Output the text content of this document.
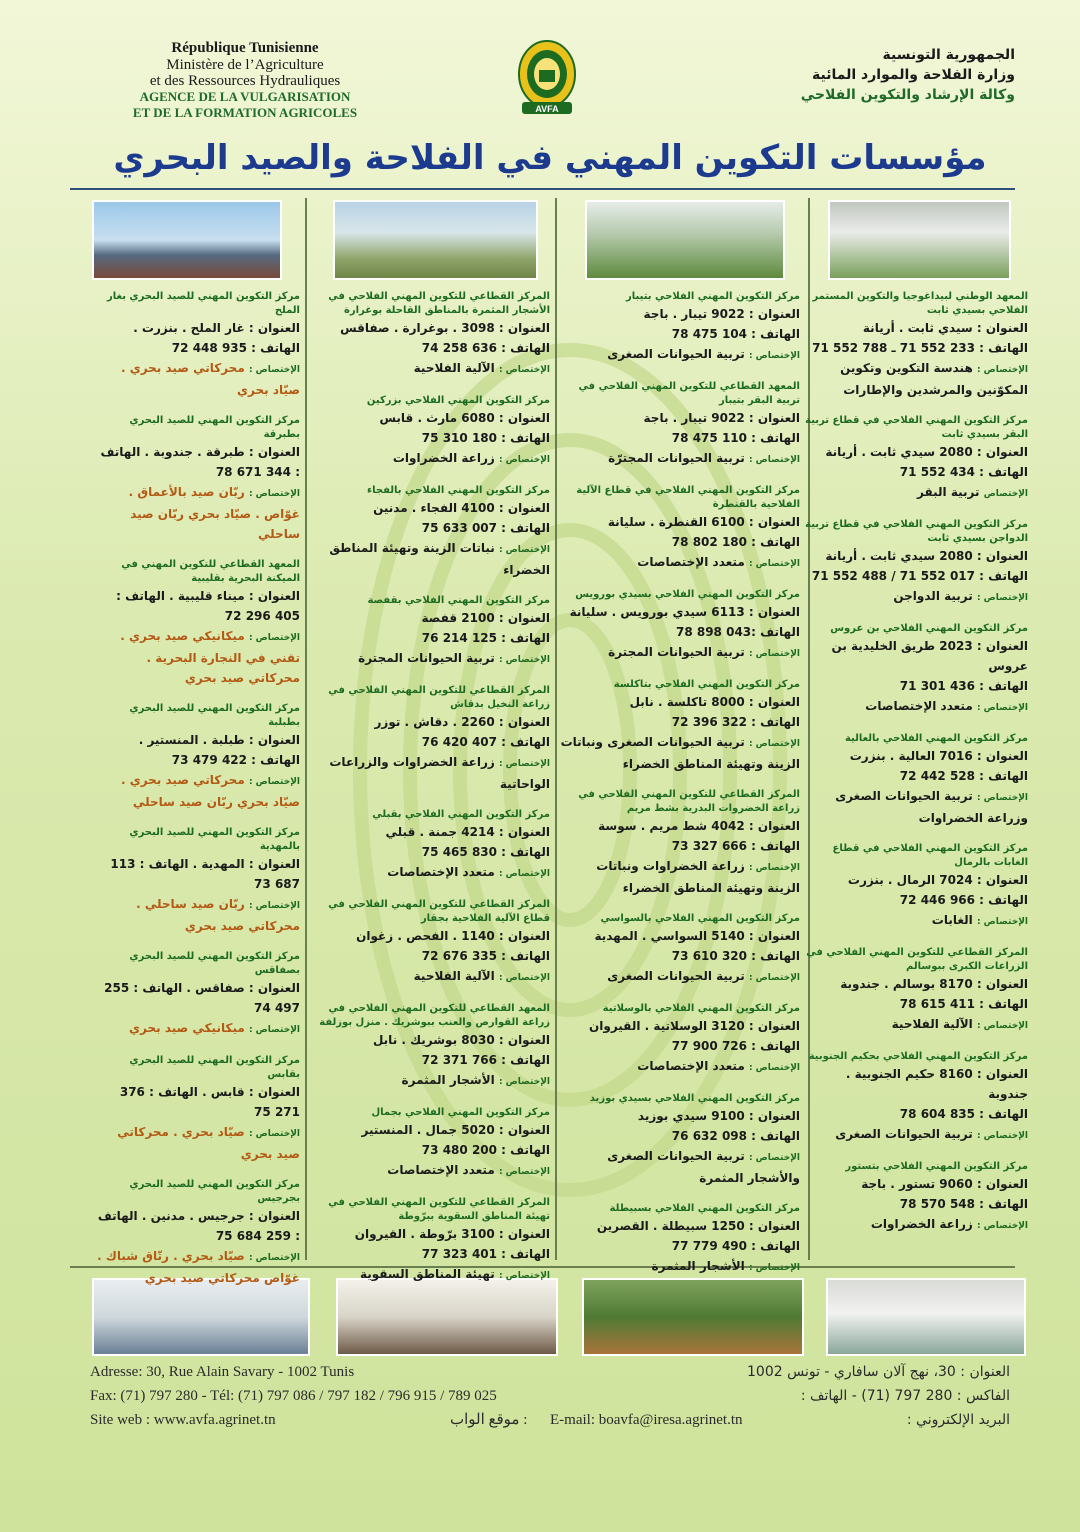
République Tunisienne
Ministère de l’Agriculture
et des Ressources Hydrauliques
AGENCE DE LA VULGARISATION
ET DE LA FORMATION AGRICOLES	AVFA
الجمهورية التونسية
وزارة الفلاحة والموارد المائية
وكالة الإرشاد والتكوين الفلاحي
مؤسسات التكوين المهني في الفلاحة والصيد البحري
المعهد الوطني لبيداغوجيا والتكوين المستمر الفلاحي بسيدي ثابت
العنوان : سيدي ثابت . أريانة
الهاتف : 233 552 71 ـ 788 552 71
الإختصاص : هندسة التكوين وتكوين المكوّنين والمرشدين والإطارات
مركز التكوين المهني الفلاحي في قطاع تربية البقر بسيدي ثابت
العنوان : 2080 سيدي ثابت . أريانة
الهاتف : 434 552 71
الإختصاص تربية البقر
مركز التكوين المهني الفلاحي في قطاع تربية الدواجن بسيدي ثابت
العنوان : 2080 سيدي ثابت . أريانة
الهاتف : 017 552 71 / 488 552 71
الإختصاص : تربية الدواجن
مركز التكوين المهني الفلاحي بن عروس
العنوان : 2023 طريق الخليدية بن عروس
الهاتف : 436 301 71
الإختصاص : متعدد الإختصاصات
مركز التكوين المهني الفلاحي بالعالية
العنوان : 7016 العالية . بنزرت
الهاتف : 528 442 72
الإختصاص : تربية الحيوانات الصغرى وزراعة الخضراوات
مركز التكوين المهني الفلاحي في قطاع الغابات بالرمال
العنوان : 7024 الرمال . بنزرت
الهاتف : 966 446 72
الإختصاص : الغابات
المركز القطاعي للتكوين المهني الفلاحي في الزراعات الكبرى ببوسالم
العنوان : 8170 بوسالم . جندوبة
الهاتف : 411 615 78
الإختصاص : الآلية الفلاحية
مركز التكوين المهني الفلاحي بحكيم الجنوبية
العنوان : 8160 حكيم الجنوبية . جندوبة
الهاتف : 835 604 78
الإختصاص : تربية الحيوانات الصغرى
مركز التكوين المهني الفلاحي بتستور
العنوان : 9060 تستور . باجة
الهاتف : 548 570 78
الإختصاص : زراعة الخضراوات
مركز التكوين المهني الفلاحي بتيبار
العنوان : 9022 تيبار . باجة
الهاتف : 104 475 78
الإختصاص : تربية الحيوانات الصغرى
المعهد القطاعي للتكوين المهني الفلاحي في تربية البقر بتيبار
العنوان : 9022 تيبار . باجة
الهاتف : 110 475 78
الإختصاص : تربية الحيوانات المجترّة
مركز التكوين المهني الفلاحي في قطاع الآلية الفلاحية بالقنطرة
العنوان : 6100 القنطرة . سليانة
الهاتف : 180 802 78
الإختصاص : متعدد الإختصاصات
مركز التكوين المهني الفلاحي بسيدي بورويس
العنوان : 6113 سيدي بورويس . سليانة
الهاتف :043 898 78
الإختصاص : تربية الحيوانات المجترة
مركز التكوين المهني الفلاحي بتاكلسة
العنوان : 8000 تاكلسة . نابل
الهاتف : 322 396 72
الإختصاص : تربية الحيوانات الصغرى ونباتات الزينة وتهيئة المناطق الخضراء
المركز القطاعي للتكوين المهني الفلاحي في زراعة الخضروات البدرية بشط مريم
العنوان : 4042 شط مريم . سوسة
الهاتف : 666 327 73
الإختصاص : زراعة الخضراوات ونباتات الزينة وتهيئة المناطق الخضراء
مركز التكوين المهني الفلاحي بالسواسي
العنوان : 5140 السواسي . المهدية
الهاتف : 320 610 73
الإختصاص : تربية الحيوانات الصغرى
مركز التكوين المهني الفلاحي بالوسلاتية
العنوان : 3120 الوسلاتية . القيروان
الهاتف : 726 900 77
الإختصاص : متعدد الإختصاصات
مركز التكوين المهني الفلاحي بسيدي بوزيد
العنوان : 9100 سيدي بوزيد
الهاتف : 098 632 76
الإختصاص : تربية الحيوانات الصغرى والأشجار المثمرة
مركز التكوين المهني الفلاحي بسبيطلة
العنوان : 1250 سبيطلة . القصرين
الهاتف : 490 779 77
الإختصاص : الأشجار المثمرة
المركز القطاعي للتكوين المهني الفلاحي في الأشجار المثمرة بالمناطق القاحلة بوغرارة
العنوان : 3098 . بوغرارة . صفاقس
الهاتف : 636 258 74
الإختصاص : الآلية الفلاحية
مركز التكوين المهني الفلاحي بزركين
العنوان : 6080 مارث . قابس
الهاتف : 180 310 75
الإختصاص : زراعة الخضراوات
مركز التكوين المهني الفلاحي بالفجاء
العنوان : 4100 الفجاء . مدنين
الهاتف : 007 633 75
الإختصاص : نباتات الزينة وتهيئة المناطق الخضراء
مركز التكوين المهني الفلاحي بقفصة
العنوان : 2100 قفصة
الهاتف : 125 214 76
الإختصاص : تربية الحيوانات المجترة
المركز القطاعي للتكوين المهني الفلاحي في زراعة النخيل بدقاش
العنوان : 2260 . دقاش . توزر
الهاتف : 407 420 76
الإختصاص : زراعة الخضراوات والزراعات الواحاتية
مركز التكوين المهني الفلاحي بقبلي
العنوان : 4214 جمنة . قبلي
الهاتف : 830 465 75
الإختصاص : متعدد الإختصاصات
المركز القطاعي للتكوين المهني الفلاحي في قطاع الآلية الفلاحية بجقار
العنوان : 1140 . الفحص . زغوان
الهاتف : 335 676 72
الإختصاص : الآلية الفلاحية
المعهد القطاعي للتكوين المهني الفلاحي في زراعة القوارص والعنب ببوشريك . منزل بوزلفة
العنوان : 8030 بوشريك . نابل
الهاتف : 766 371 72
الإختصاص : الأشجار المثمرة
مركز التكوين المهني الفلاحي بجمال
العنوان : 5020 جمال . المنستير
الهاتف : 200 480 73
الإختصاص : متعدد الإختصاصات
المركز القطاعي للتكوين المهني الفلاحي في تهيئة المناطق السقوية ببرّوطة
العنوان : 3100 برّوطة . القيروان
الهاتف : 401 323 77
الإختصاص : تهيئة المناطق السقوية
مركز التكوين المهني للصيد البحري بغار الملح
العنوان : غار الملح . بنزرت . الهاتف : 935 448 72
الإختصاص : محركاتي صيد بحري . صيّاد بحري
مركز التكوين المهني للصيد البحري بطبرقة
العنوان : طبرقة . جندوبة . الهاتف : 344 671 78
الإختصاص : ربّان صيد بالأعماق . غوّاص . صيّاد بحري ربّان صيد ساحلي
المعهد القطاعي للتكوين المهني في الميكنة البحرية بقليبية
العنوان : ميناء قليبية . الهاتف : 405 296 72
الإختصاص : ميكانيكي صيد بحري . تقني في النجارة البحرية . محركاتي صيد بحري
مركز التكوين المهني للصيد البحري بطبلبة
العنوان : طبلبة . المنستير . الهاتف : 422 479 73
الإختصاص : محركاتي صيد بحري . صيّاد بحري ربّان صيد ساحلي
مركز التكوين المهني للصيد البحري بالمهدية
العنوان : المهدية . الهاتف : 113 687 73
الإختصاص : ربّان صيد ساحلي . محركاتي صيد بحري
مركز التكوين المهني للصيد البحري بصفاقس
العنوان : صفاقس . الهاتف : 255 497 74
الإختصاص : ميكانيكي صيد بحري
مركز التكوين المهني للصيد البحري بقابس
العنوان : قابس . الهاتف : 376 271 75
الإختصاص : صيّاد بحري . محركاتي صيد بحري
مركز التكوين المهني للصيد البحري بجرجيس
العنوان : جرجيس . مدنين . الهاتف : 259 684 75
الإختصاص : صيّاد بحري . رتّاق شباك . غوّاص محركاتي صيد بحري
Adresse: 30, Rue Alain Savary - 1002 Tunis	العنوان : 30، نهج آلان سافاري - تونس 1002
Fax: (71) 797 280 - Tél: (71) 797 086 / 797 182 / 796 915 / 789 025	الفاكس : 280 797 (71) - الهاتف :
Site web : www.avfa.agrinet.tn	موقع الواب : E-mail: boavfa@iresa.agrinet.tn	البريد الإلكتروني :
